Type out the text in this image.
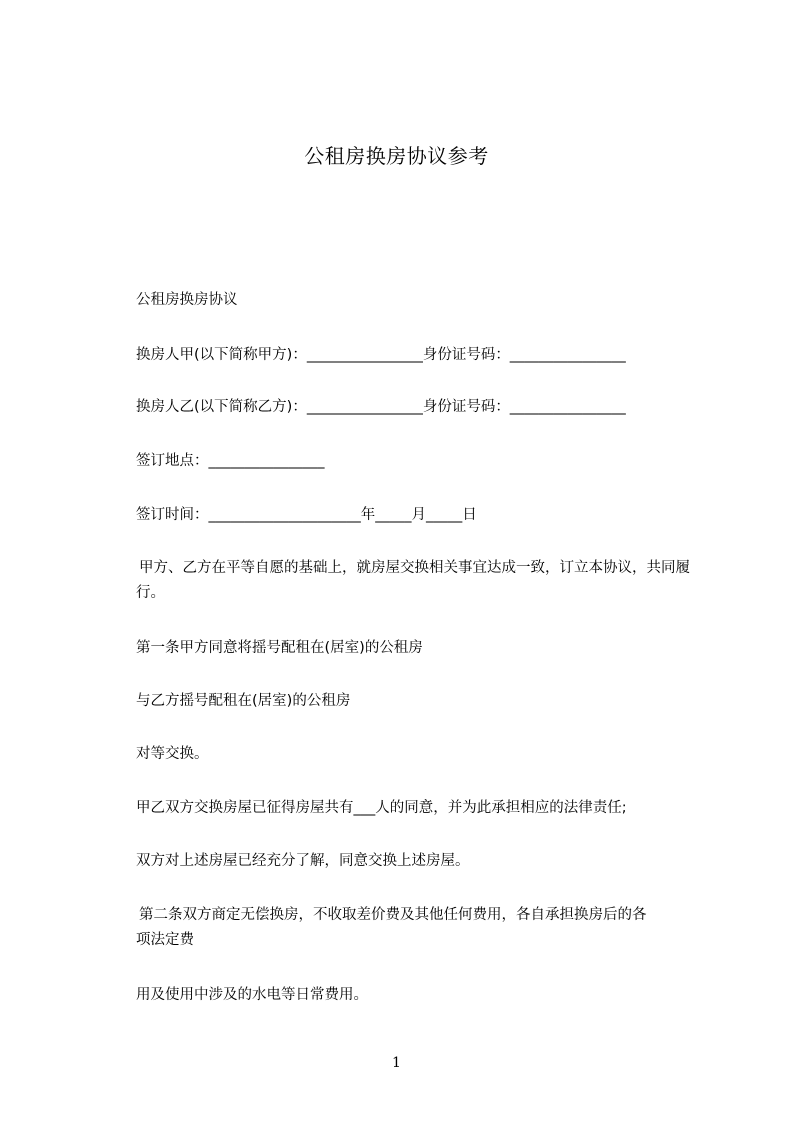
公租房换房协议参考
公租房换房协议
换房人甲(以下简称甲方)：________________身份证号码：________________
换房人乙(以下简称乙方)：________________身份证号码：________________
签订地点：________________
签订时间：_____________________年_____月_____日
甲方、乙方在平等自愿的基础上，就房屋交换相关事宜达成一致，订立本协议，共同履行。
第一条甲方同意将摇号配租在(居室)的公租房
与乙方摇号配租在(居室)的公租房
对等交换。
甲乙双方交换房屋已征得房屋共有___人的同意，并为此承担相应的法律责任;
双方对上述房屋已经充分了解，同意交换上述房屋。
第二条双方商定无偿换房，不收取差价费及其他任何费用，各自承担换房后的各
项法定费
用及使用中涉及的水电等日常费用。
1
